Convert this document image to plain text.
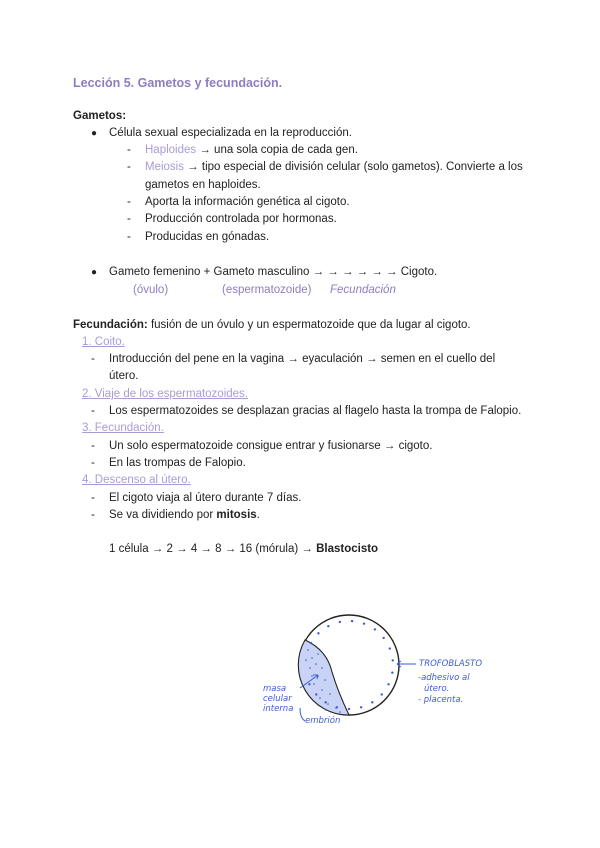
Lección 5. Gametos y fecundación.
Gametos:
● Célula sexual especializada en la reproducción.
- Haploides → una sola copia de cada gen.
- Meiosis → tipo especial de división celular (solo gametos). Convierte a los
gametos en haploides.
- Aporta la información genética al cigoto.
- Producción controlada por hormonas.
- Producidas en gónadas.
● Gameto femenino + Gameto masculino → → → → → → Cigoto.
(óvulo)	(espermatozoide) Fecundación
Fecundación: fusión de un óvulo y un espermatozoide que da lugar al cigoto.
1. Coito.
- Introducción del pene en la vagina → eyaculación → semen en el cuello del
útero.
2. Viaje de los espermatozoides.
- Los espermatozoides se desplazan gracias al flagelo hasta la trompa de Falopio.
3. Fecundación.
- Un solo espermatozoide consigue entrar y fusionarse → cigoto.
- En las trompas de Falopio.
4. Descenso al útero.
- El cigoto viaja al útero durante 7 días.
- Se va dividiendo por mitosis.
1 célula → 2 → 4 → 8 → 16 (mórula) → Blastocisto
TROFOBLASTO
-adhesivo al
útero.
- placenta.
masa
celular
interna
embrión
